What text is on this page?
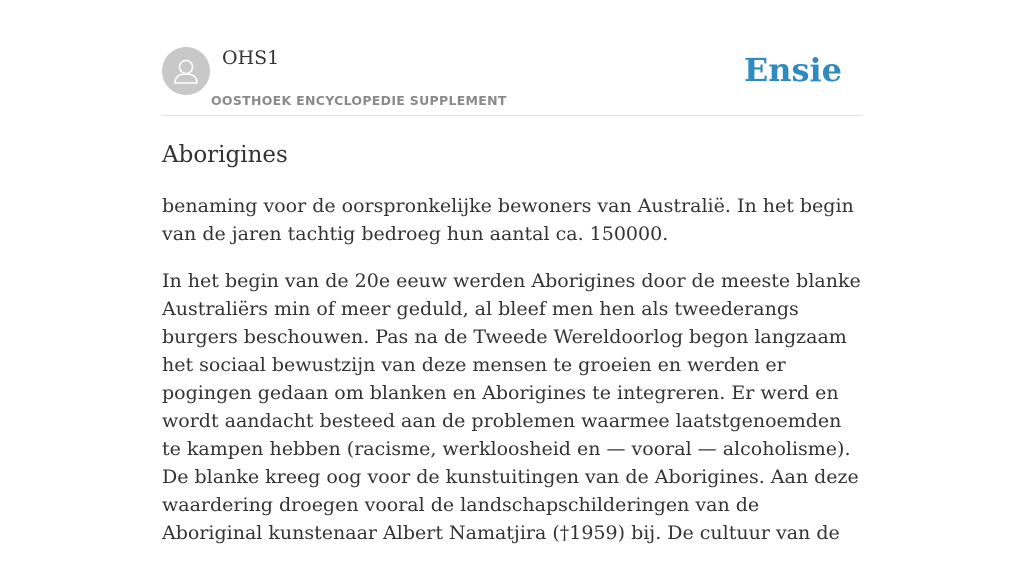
OHS1
OOSTHOEK ENCYCLOPEDIE SUPPLEMENT
Ensie
Aborigines

benaming voor de oorspronkelijke bewoners van Australië. In het begin van de jaren tachtig bedroeg hun aantal ca. 150000.

In het begin van de 20e eeuw werden Aborigines door de meeste blanke Australiërs min of meer geduld, al bleef men hen als tweederangs burgers beschouwen. Pas na de Tweede Wereldoorlog begon langzaam het sociaal bewustzijn van deze mensen te groeien en werden er pogingen gedaan om blanken en Aborigines te integreren. Er werd en wordt aandacht besteed aan de problemen waarmee laatstgenoemden te kampen hebben (racisme, werkloosheid en — vooral — alcoholisme). De blanke kreeg oog voor de kunstuitingen van de Aborigines. Aan deze waardering droegen vooral de landschapschilderingen van de Aboriginal kunstenaar Albert Namatjira (†1959) bij. De cultuur van de
